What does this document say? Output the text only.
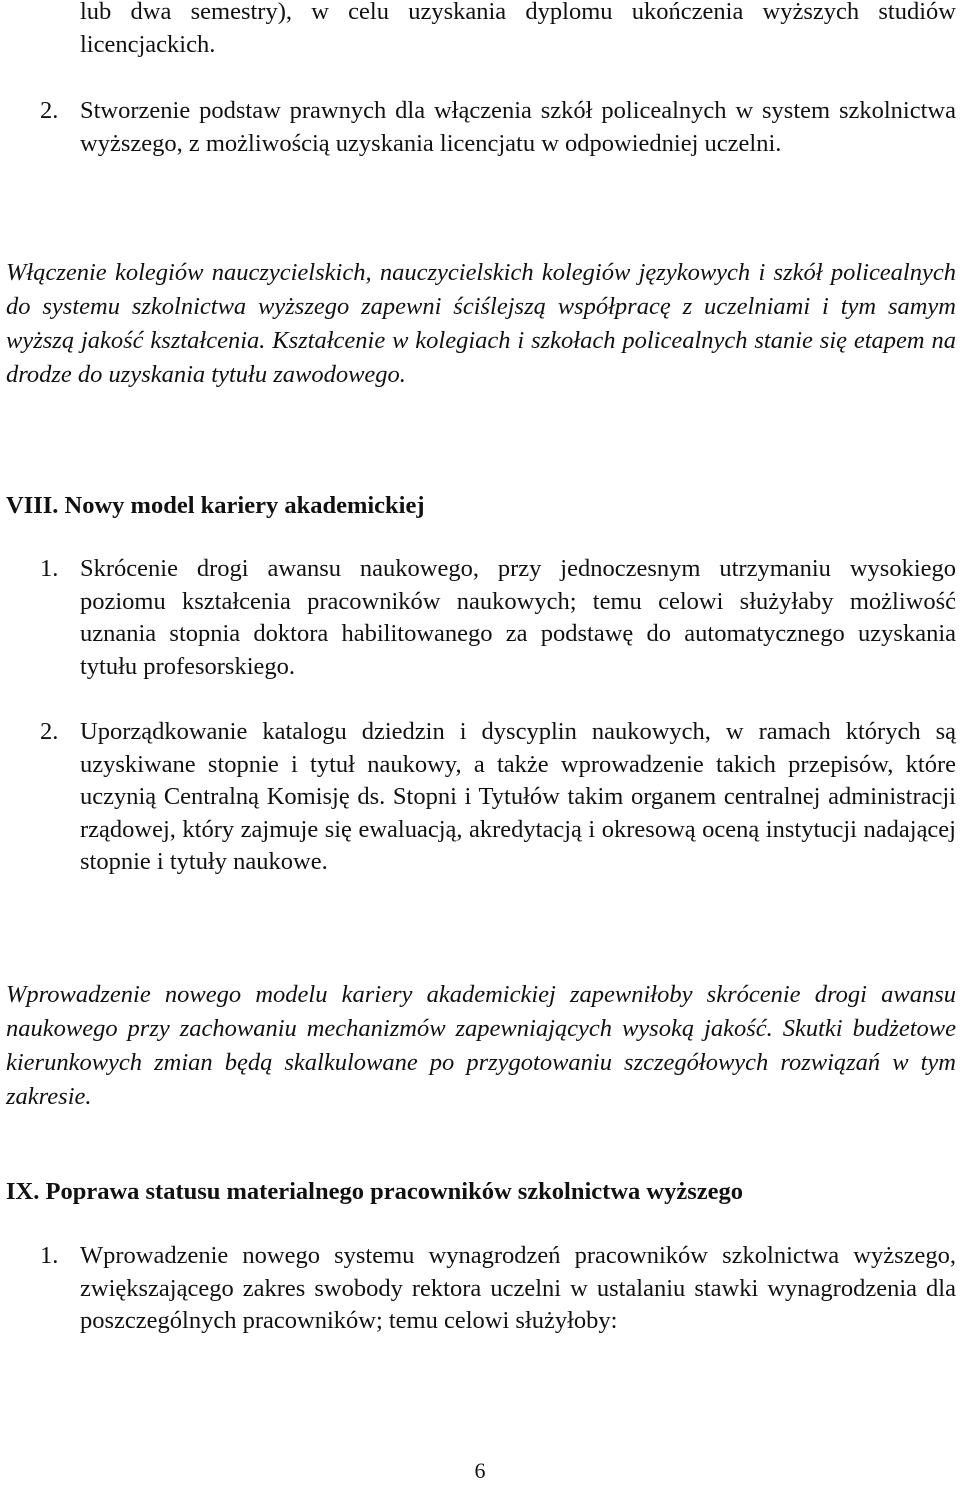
lub dwa semestry), w celu uzyskania dyplomu ukończenia wyższych studiów licencjackich.
2. Stworzenie podstaw prawnych dla włączenia szkół policealnych w system szkolnictwa wyższego, z możliwością uzyskania licencjatu w odpowiedniej uczelni.
Włączenie kolegiów nauczycielskich, nauczycielskich kolegiów językowych i szkół policealnych do systemu szkolnictwa wyższego zapewni ściślejszą współpracę z uczelniami i tym samym wyższą jakość kształcenia. Kształcenie w kolegiach i szkołach policealnych stanie się etapem na drodze do uzyskania tytułu zawodowego.
VIII. Nowy model kariery akademickiej
1. Skrócenie drogi awansu naukowego, przy jednoczesnym utrzymaniu wysokiego poziomu kształcenia pracowników naukowych; temu celowi służyłaby możliwość uznania stopnia doktora habilitowanego za podstawę do automatycznego uzyskania tytułu profesorskiego.
2. Uporządkowanie katalogu dziedzin i dyscyplin naukowych, w ramach których są uzyskiwane stopnie i tytuł naukowy, a także wprowadzenie takich przepisów, które uczynią Centralną Komisję ds. Stopni i Tytułów takim organem centralnej administracji rządowej, który zajmuje się ewaluacją, akredytacją i okresową oceną instytucji nadającej stopnie i tytuły naukowe.
Wprowadzenie nowego modelu kariery akademickiej zapewniłoby skrócenie drogi awansu naukowego przy zachowaniu mechanizmów zapewniających wysoką jakość. Skutki budżetowe kierunkowych zmian będą skalkulowane po przygotowaniu szczegółowych rozwiązań w tym zakresie.
IX. Poprawa statusu materialnego pracowników szkolnictwa wyższego
1. Wprowadzenie nowego systemu wynagrodzeń pracowników szkolnictwa wyższego, zwiększającego zakres swobody rektora uczelni w ustalaniu stawki wynagrodzenia dla poszczególnych pracowników; temu celowi służyłoby:
6
